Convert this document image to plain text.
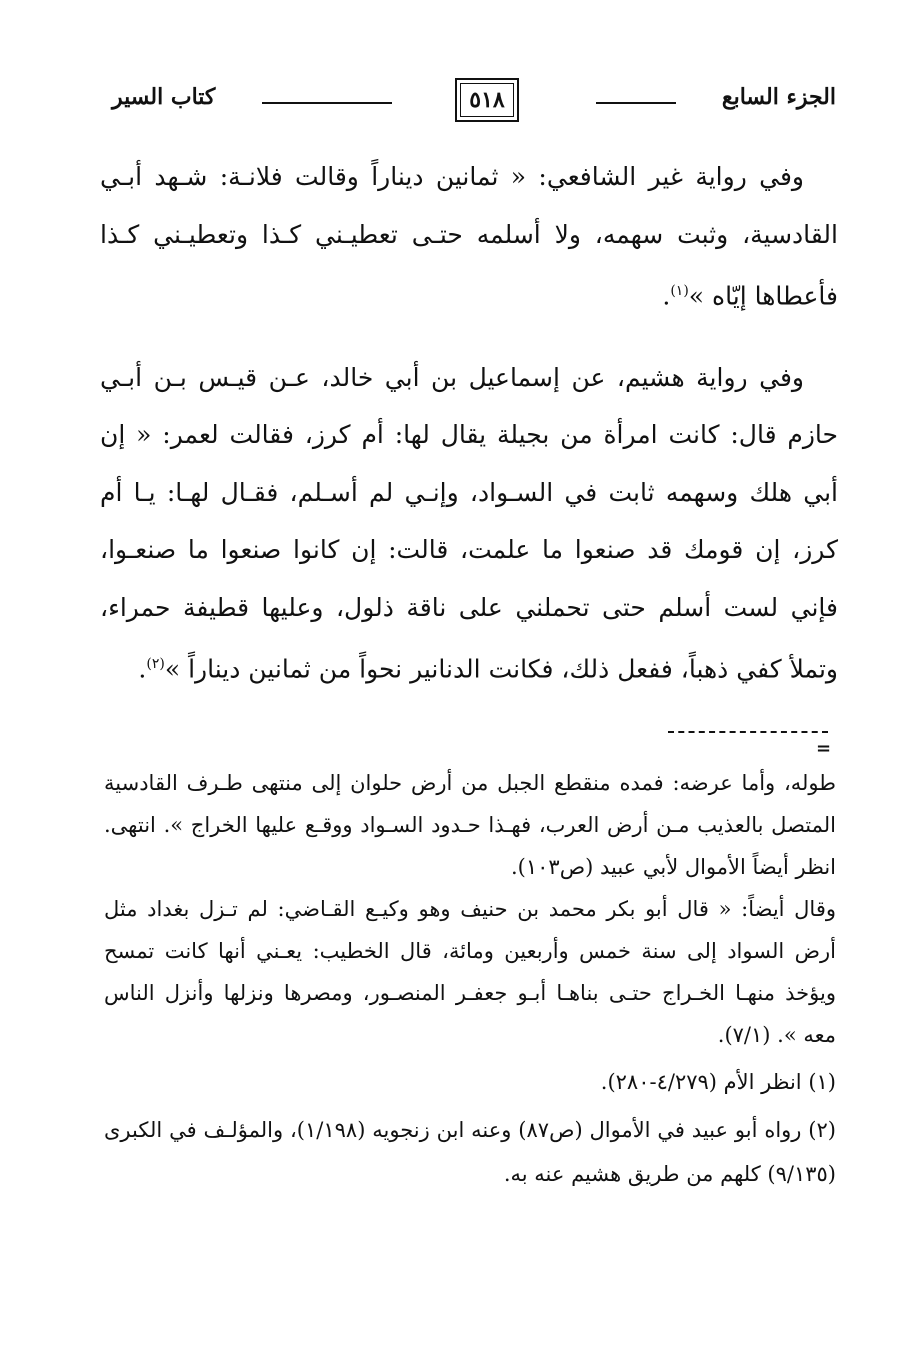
الجزء السابع
٥١٨
كتاب السير

وفي رواية غير الشافعي: « ثمانين ديناراً وقالت فلانـة: شـهد أبـي القادسية، وثبت سهمه، ولا أسلمه حتـى تعطيـني كـذا وتعطيـني كـذا فأعطاها إيّاه »$^{(١)}$.

وفي رواية هشيم، عن إسماعيل بن أبي خالد، عـن قيـس بـن أبـي حازم قال: كانت امرأة من بجيلة يقال لها: أم كرز، فقالت لعمر: « إن أبي هلك وسهمه ثابت في السـواد، وإنـي لم أسـلم، فقـال لهـا: يـا أم كرز، إن قومك قد صنعوا ما علمت، قالت: إن كانوا صنعوا ما صنعـوا، فإني لست أسلم حتى تحملني على ناقة ذلول، وعليها قطيفة حمراء، وتملأ كفي ذهباً، ففعل ذلك، فكانت الدنانير نحواً من ثمانين ديناراً »$^{(٢)}$.

=

طوله، وأما عرضه: فمده منقطع الجبل من أرض حلوان إلى منتهى طـرف القادسية المتصل بالعذيب مـن أرض العرب، فهـذا حـدود السـواد ووقـع عليها الخراج ». انتهى. انظر أيضاً الأموال لأبي عبيد (ص١٠٣).

وقال أيضاً: « قال أبو بكر محمد بن حنيف وهو وكيـع القـاضي: لم تـزل بغداد مثل أرض السواد إلى سنة خمس وأربعين ومائة، قال الخطيب: يعـني أنها كانت تمسح ويؤخذ منهـا الخـراج حتـى بناهـا أبـو جعفـر المنصـور، ومصرها ونزلها وأنزل الناس معه ». (٧/١).

(١) انظر الأم (٤/٢٧٩-٢٨٠).

(٢) رواه أبو عبيد في الأموال (ص٨٧) وعنه ابن زنجويه (١/١٩٨)، والمؤلـف في الكبرى (٩/١٣٥) كلهم من طريق هشيم عنه به.
